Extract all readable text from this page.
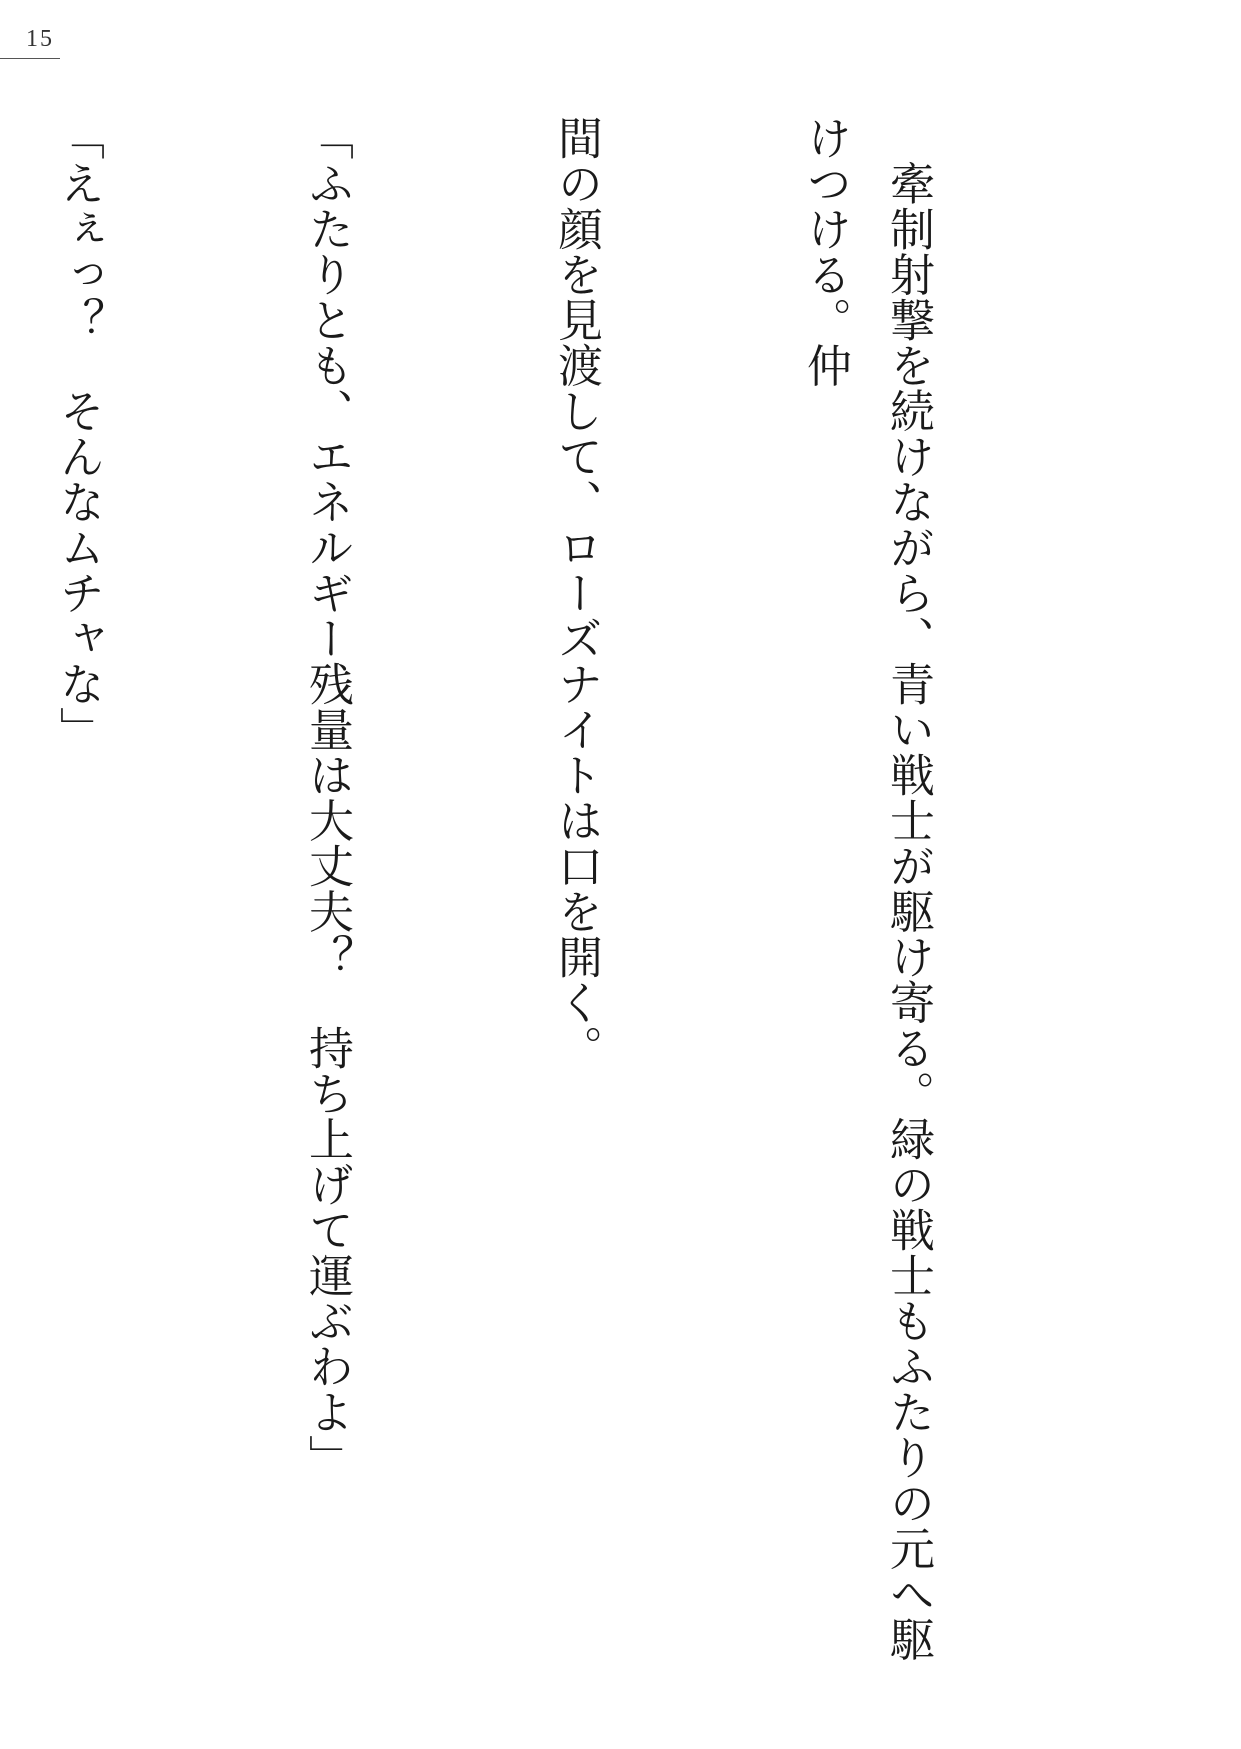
15

　牽制射撃を続けながら、青い戦士が駆け寄る。緑の戦士もふたりの元へ駆けつける。仲

間の顔を見渡して、ローズナイトは口を開く。

「ふたりとも、エネルギー残量は大丈夫？　持ち上げて運ぶわよ」

「えぇっ？　そんなムチャな」
